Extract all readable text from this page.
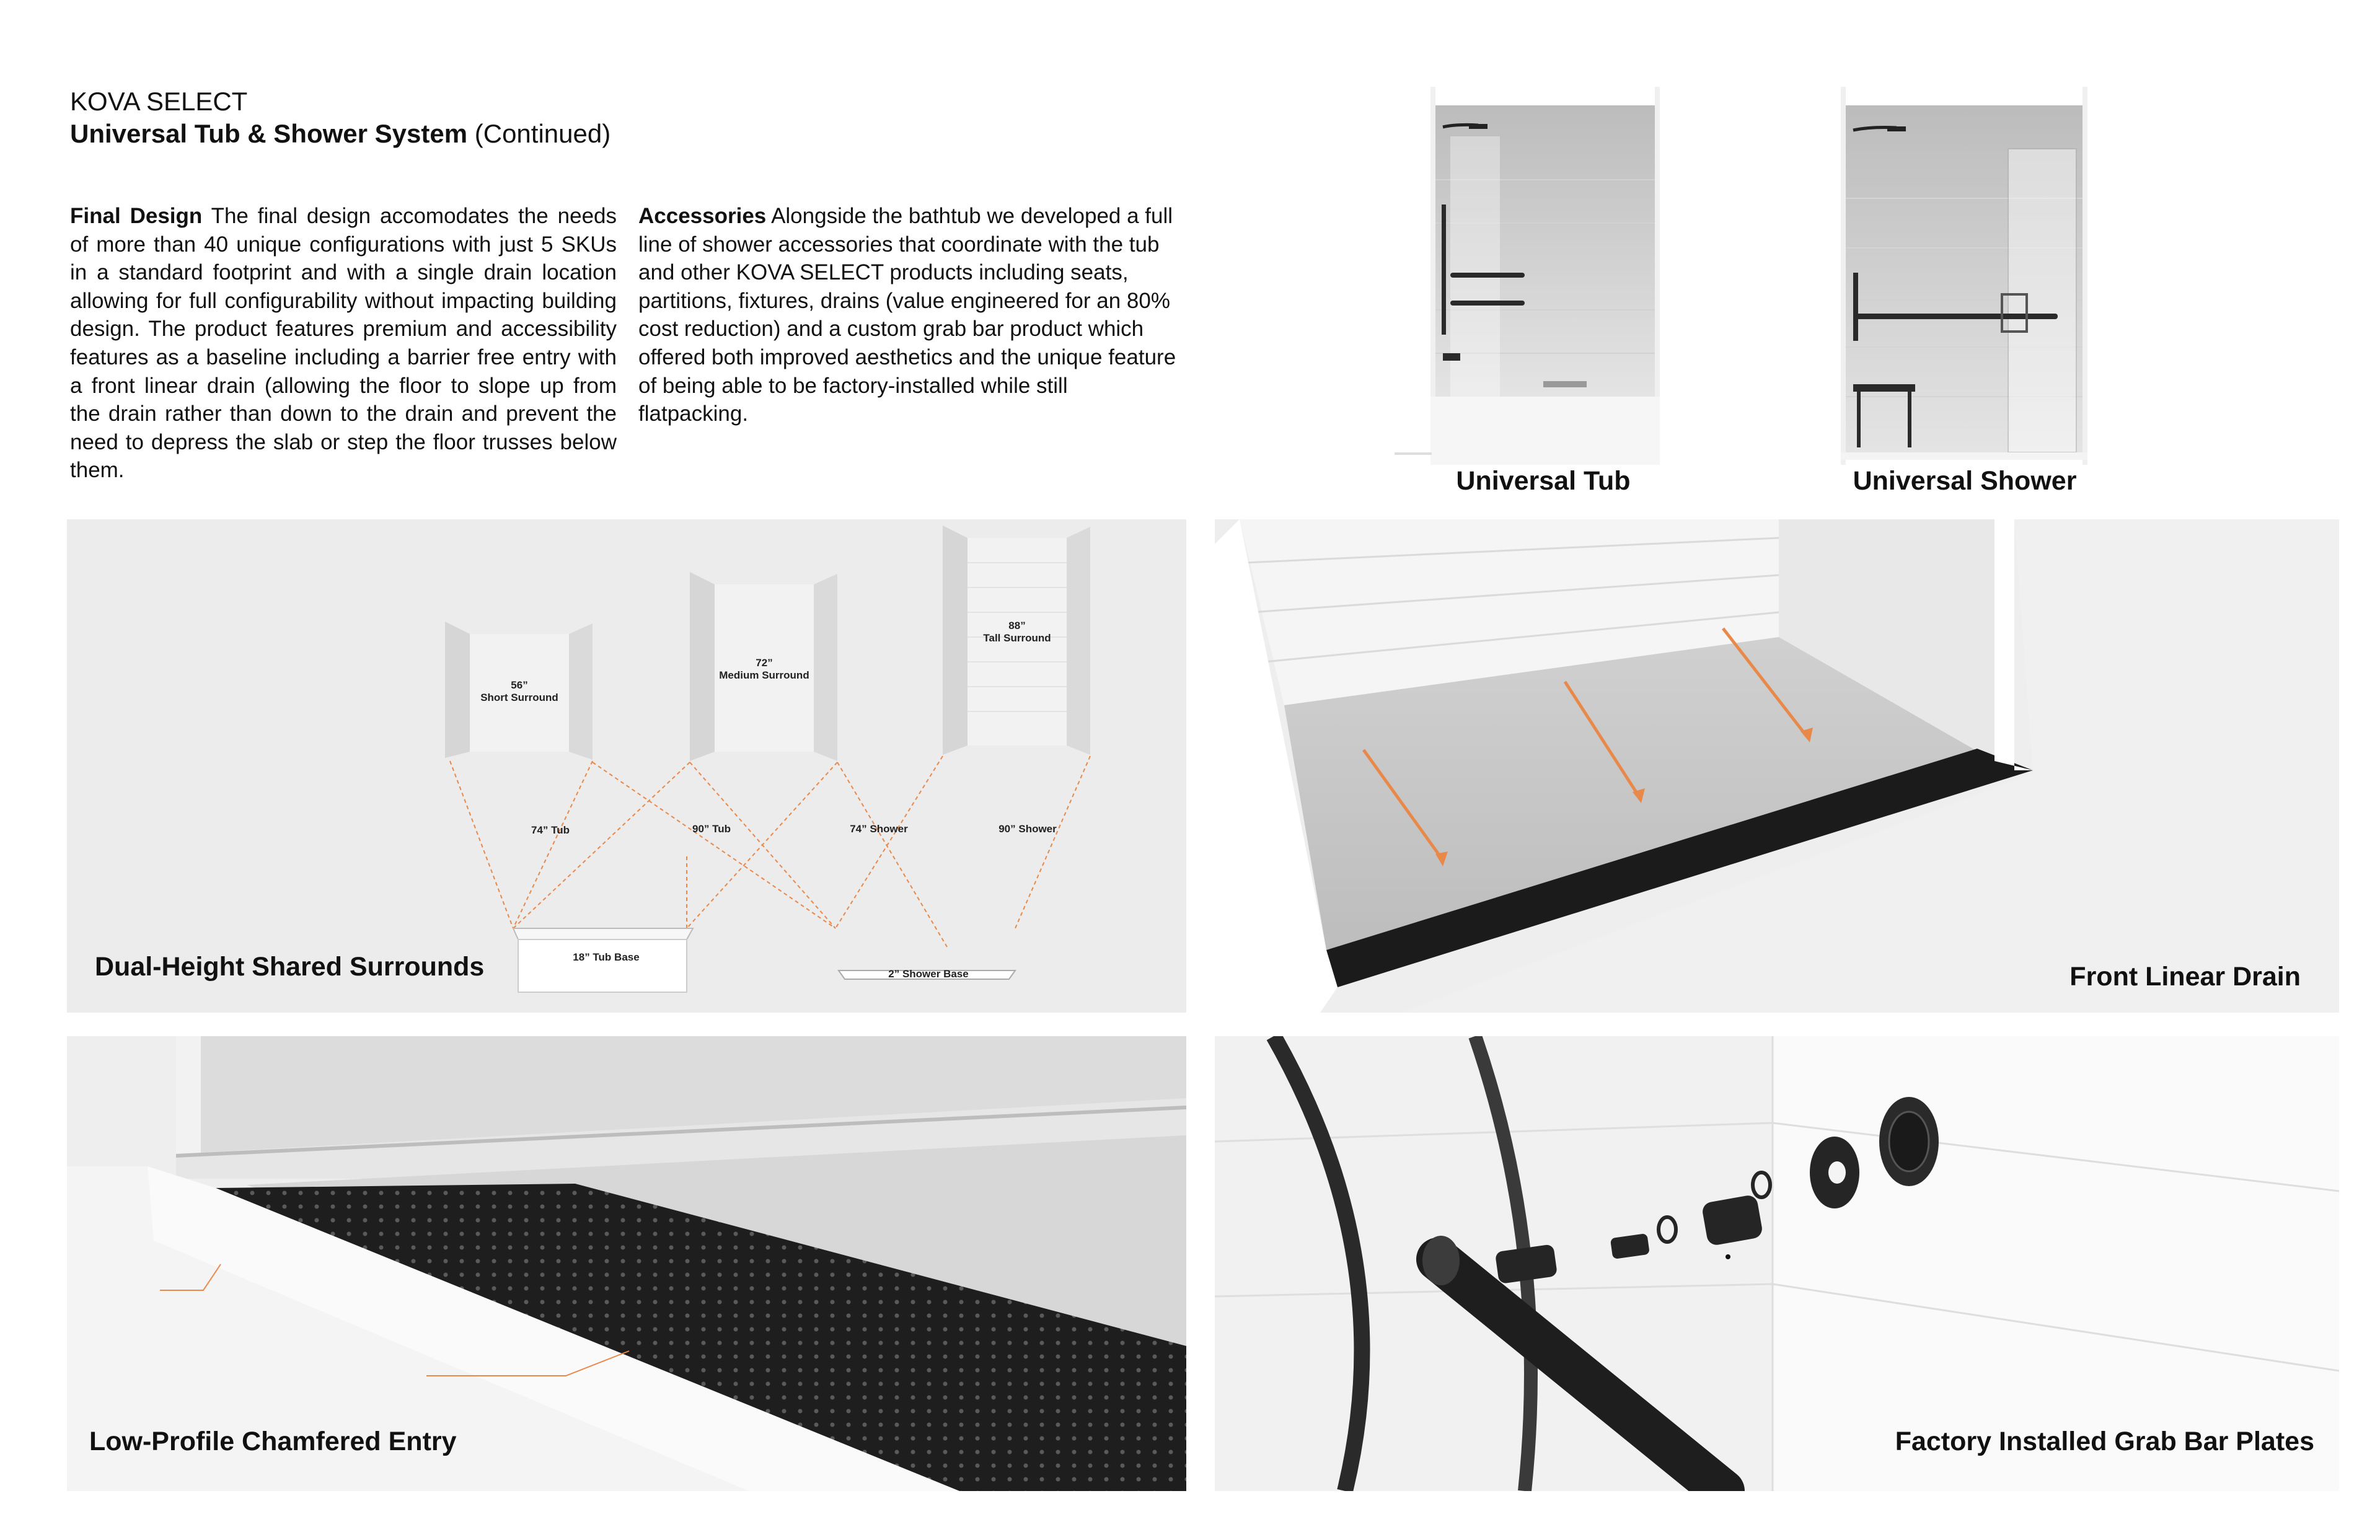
KOVA SELECT
Universal Tub & Shower System (Continued)
Final Design The final design accomodates the needs of more than 40 unique configurations with just 5 SKUs in a standard footprint and with a single drain location allowing for full configurability without impacting building design. The product features premium and accessibility features as a baseline including a barrier free entry with a front linear drain (allowing the floor to slope up from the drain rather than down to the drain and prevent the need to depress the slab or step the floor trusses below them.
Accessories Alongside the bathtub we developed a full line of shower accessories that coordinate with the tub and other KOVA SELECT products including seats, partitions, fixtures, drains (value engineered for an 80% cost reduction) and a custom grab bar product which offered both improved aesthetics and the unique feature of being able to be factory-installed while still flatpacking.
Universal Tub	Universal Shower
56”
Short Surround
72”
Medium Surround
88”
Tall Surround
74” Tub	90” Tub	74” Shower	90” Shower
18” Tub Base
2” Shower Base
Dual-Height Shared Surrounds	Front Linear Drain
Low-Profile Chamfered Entry	Factory Installed Grab Bar Plates
